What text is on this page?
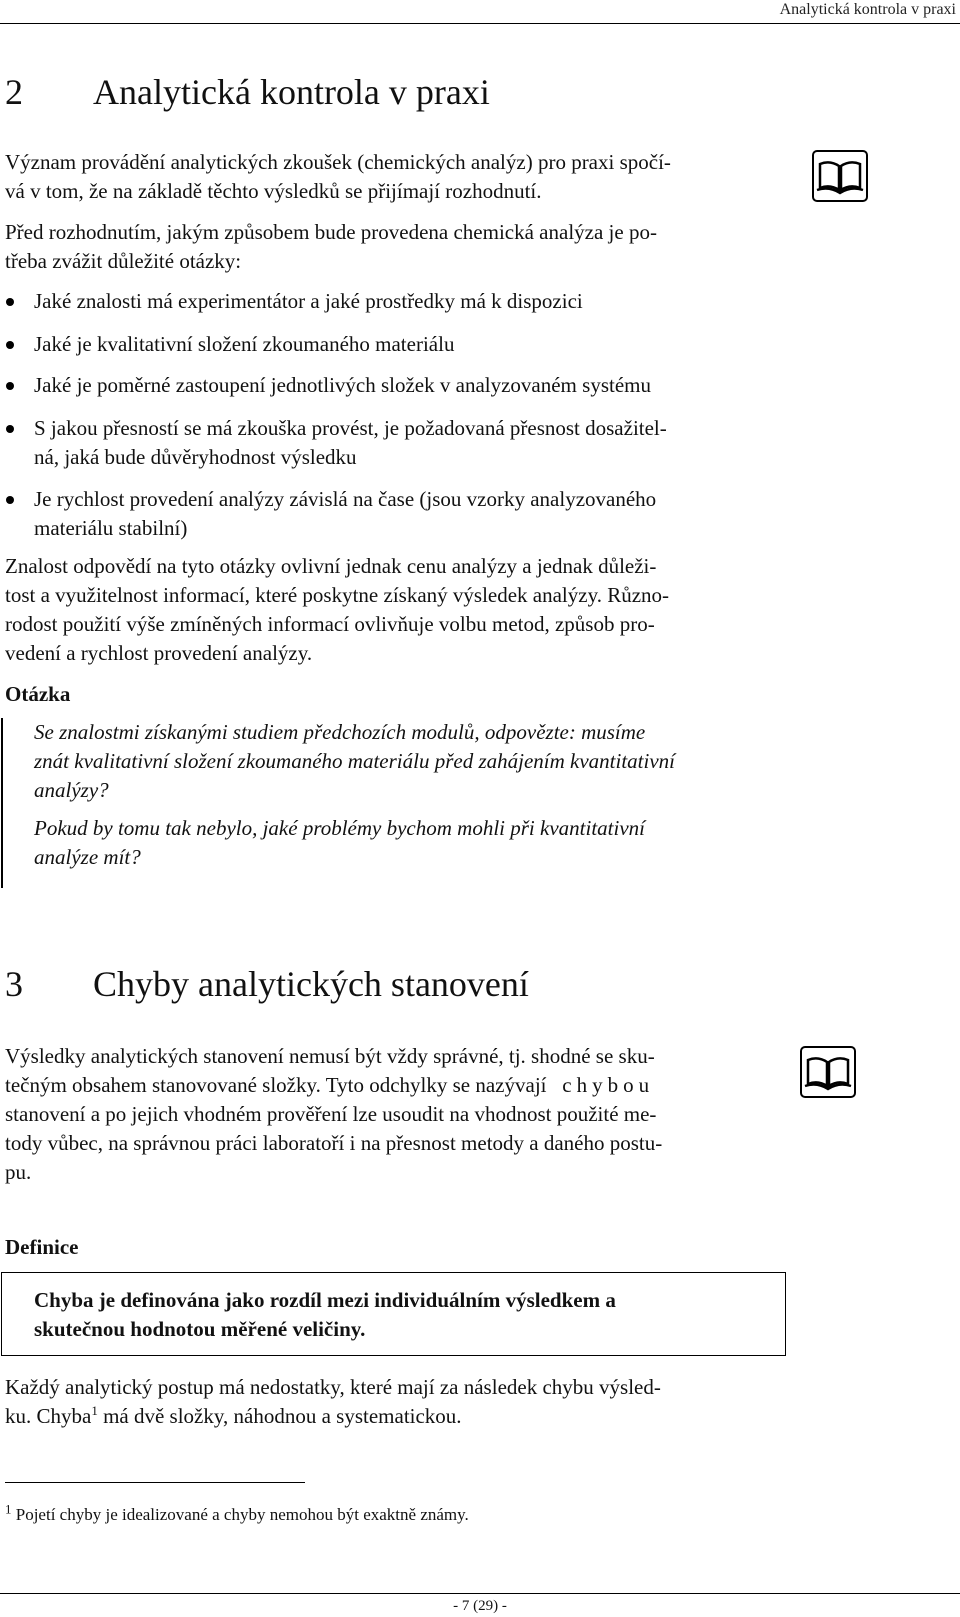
Analytická kontrola v praxi
2 Analytická kontrola v praxi
Význam provádění analytických zkoušek (chemických analýz) pro praxi spočí-
vá v tom, že na základě těchto výsledků se přijímají rozhodnutí.
Před rozhodnutím, jakým způsobem bude provedena chemická analýza je po-
třeba zvážit důležité otázky:
Jaké znalosti má experimentátor a jaké prostředky má k dispozici
Jaké je kvalitativní složení zkoumaného materiálu
Jaké je poměrné zastoupení jednotlivých složek v analyzovaném systému
S jakou přesností se má zkouška provést, je požadovaná přesnost dosažitel-
ná, jaká bude důvěryhodnost výsledku
Je rychlost provedení analýzy závislá na čase (jsou vzorky analyzovaného
materiálu stabilní)
Znalost odpovědí na tyto otázky ovlivní jednak cenu analýzy a jednak důleži-
tost a využitelnost informací, které poskytne získaný výsledek analýzy. Různo-
rodost použití výše zmíněných informací ovlivňuje volbu metod, způsob pro-
vedení a rychlost provedení analýzy.
Otázka
Se znalostmi získanými studiem předchozích modulů, odpovězte: musíme
znát kvalitativní složení zkoumaného materiálu před zahájením kvantitativní
analýzy?
Pokud by tomu tak nebylo, jaké problémy bychom mohli při kvantitativní
analýze mít?
3 Chyby analytických stanovení
Výsledky analytických stanovení nemusí být vždy správné, tj. shodné se sku-
tečným obsahem stanovované složky. Tyto odchylky se nazývají chybou
stanovení a po jejich vhodném prověření lze usoudit na vhodnost použité me-
tody vůbec, na správnou práci laboratoří i na přesnost metody a daného postu-
pu.
Definice
Chyba je definována jako rozdíl mezi individuálním výsledkem a
skutečnou hodnotou měřené veličiny.
Každý analytický postup má nedostatky, které mají za následek chybu výsled-
ku. Chyba$^1$ má dvě složky, náhodnou a systematickou.
$^1$ Pojetí chyby je idealizované a chyby nemohou být exaktně známy.
- 7 (29) -
